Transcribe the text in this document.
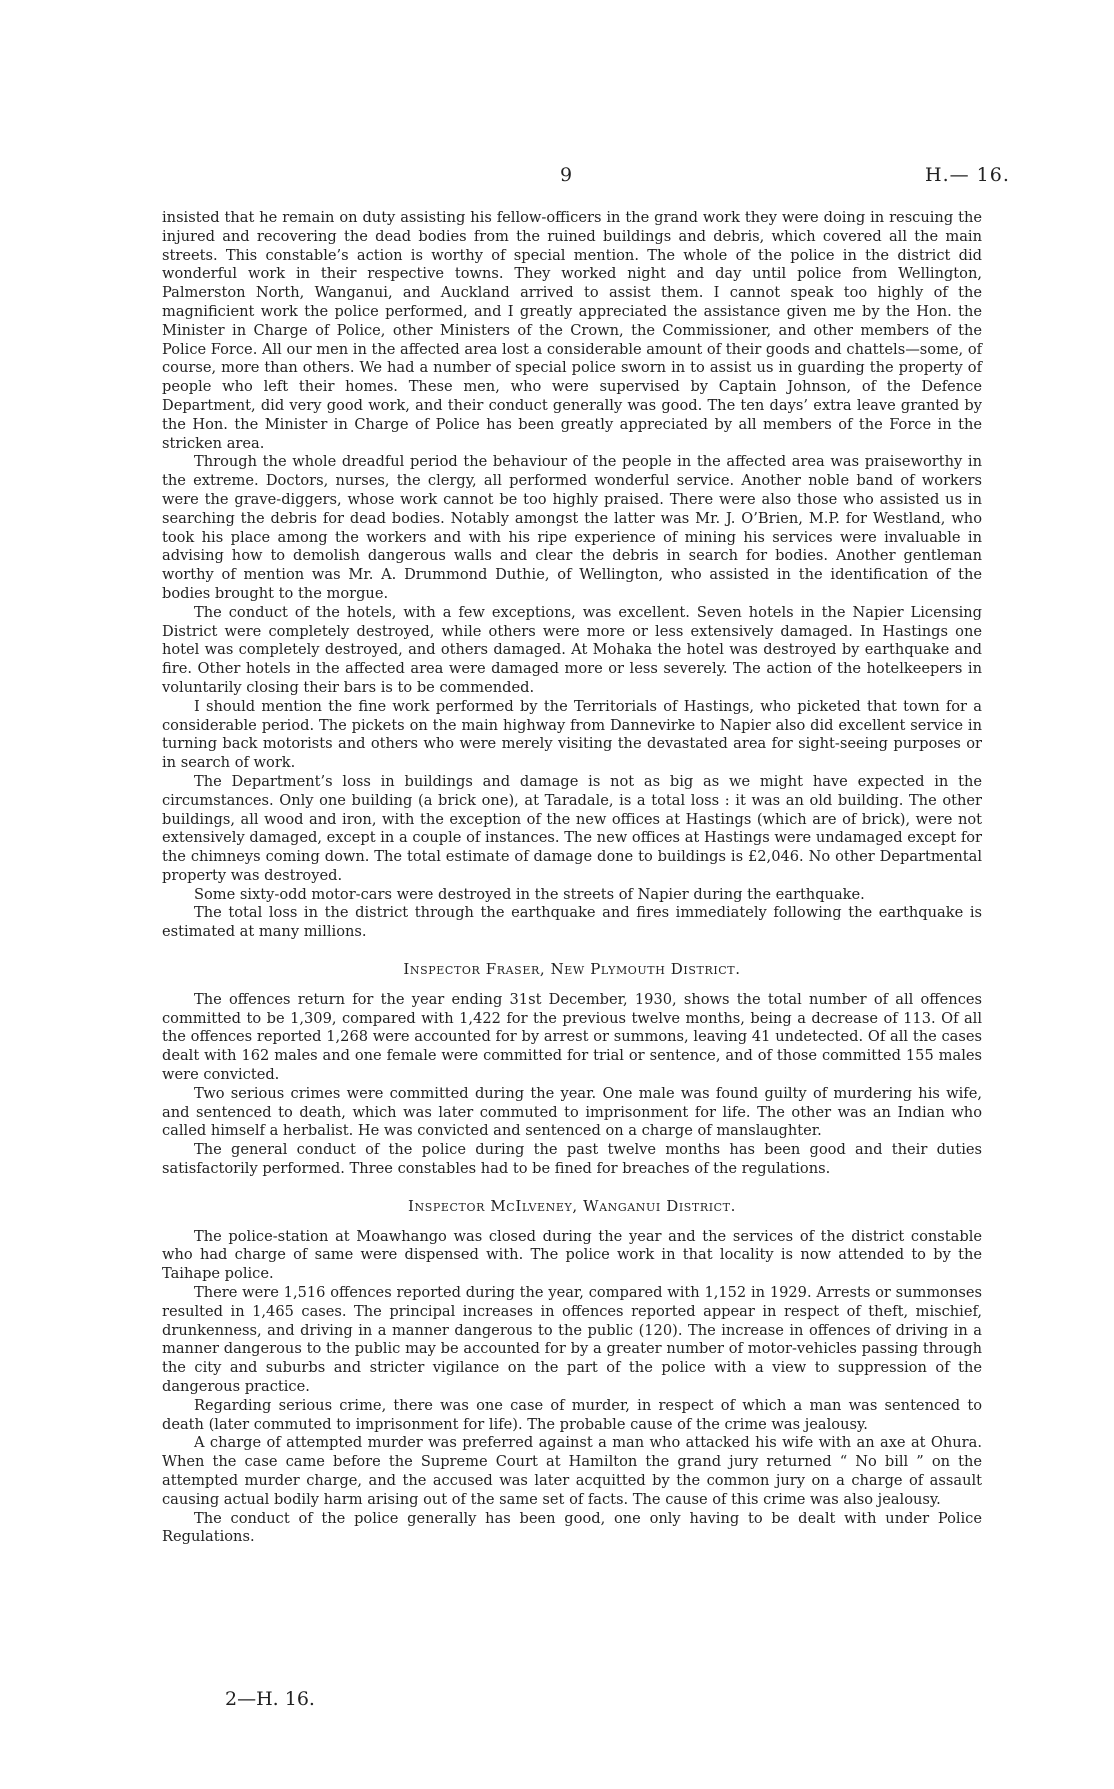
9	H.— 16.

insisted that he remain on duty assisting his fellow-officers in the grand work they were doing in rescuing the injured and recovering the dead bodies from the ruined buildings and debris, which covered all the main streets. This constable’s action is worthy of special mention. The whole of the police in the district did wonderful work in their respective towns. They worked night and day until police from Wellington, Palmerston North, Wanganui, and Auckland arrived to assist them. I cannot speak too highly of the magnificient work the police performed, and I greatly appreciated the assistance given me by the Hon. the Minister in Charge of Police, other Ministers of the Crown, the Commissioner, and other members of the Police Force. All our men in the affected area lost a considerable amount of their goods and chattels—some, of course, more than others. We had a number of special police sworn in to assist us in guarding the property of people who left their homes. These men, who were supervised by Captain Johnson, of the Defence Department, did very good work, and their conduct generally was good. The ten days’ extra leave granted by the Hon. the Minister in Charge of Police has been greatly appreciated by all members of the Force in the stricken area.

Through the whole dreadful period the behaviour of the people in the affected area was praiseworthy in the extreme. Doctors, nurses, the clergy, all performed wonderful service. Another noble band of workers were the grave-diggers, whose work cannot be too highly praised. There were also those who assisted us in searching the debris for dead bodies. Notably amongst the latter was Mr. J. O’Brien, M.P. for Westland, who took his place among the workers and with his ripe experience of mining his services were invaluable in advising how to demolish dangerous walls and clear the debris in search for bodies. Another gentleman worthy of mention was Mr. A. Drummond Duthie, of Wellington, who assisted in the identification of the bodies brought to the morgue.

The conduct of the hotels, with a few exceptions, was excellent. Seven hotels in the Napier Licensing District were completely destroyed, while others were more or less extensively damaged. In Hastings one hotel was completely destroyed, and others damaged. At Mohaka the hotel was destroyed by earthquake and fire. Other hotels in the affected area were damaged more or less severely. The action of the hotelkeepers in voluntarily closing their bars is to be commended.

I should mention the fine work performed by the Territorials of Hastings, who picketed that town for a considerable period. The pickets on the main highway from Dannevirke to Napier also did excellent service in turning back motorists and others who were merely visiting the devastated area for sight-seeing purposes or in search of work.

The Department’s loss in buildings and damage is not as big as we might have expected in the circumstances. Only one building (a brick one), at Taradale, is a total loss : it was an old building. The other buildings, all wood and iron, with the exception of the new offices at Hastings (which are of brick), were not extensively damaged, except in a couple of instances. The new offices at Hastings were undamaged except for the chimneys coming down. The total estimate of damage done to buildings is £2,046. No other Departmental property was destroyed.

Some sixty-odd motor-cars were destroyed in the streets of Napier during the earthquake.

The total loss in the district through the earthquake and fires immediately following the earthquake is estimated at many millions.

Inspector Fraser, New Plymouth District.

The offences return for the year ending 31st December, 1930, shows the total number of all offences committed to be 1,309, compared with 1,422 for the previous twelve months, being a decrease of 113. Of all the offences reported 1,268 were accounted for by arrest or summons, leaving 41 undetected. Of all the cases dealt with 162 males and one female were committed for trial or sentence, and of those committed 155 males were convicted.

Two serious crimes were committed during the year. One male was found guilty of murdering his wife, and sentenced to death, which was later commuted to imprisonment for life. The other was an Indian who called himself a herbalist. He was convicted and sentenced on a charge of manslaughter.

The general conduct of the police during the past twelve months has been good and their duties satisfactorily performed. Three constables had to be fined for breaches of the regulations.

Inspector McIlveney, Wanganui District.

The police-station at Moawhango was closed during the year and the services of the district constable who had charge of same were dispensed with. The police work in that locality is now attended to by the Taihape police.

There were 1,516 offences reported during the year, compared with 1,152 in 1929. Arrests or summonses resulted in 1,465 cases. The principal increases in offences reported appear in respect of theft, mischief, drunkenness, and driving in a manner dangerous to the public (120). The increase in offences of driving in a manner dangerous to the public may be accounted for by a greater number of motor-vehicles passing through the city and suburbs and stricter vigilance on the part of the police with a view to suppression of the dangerous practice.

Regarding serious crime, there was one case of murder, in respect of which a man was sentenced to death (later commuted to imprisonment for life). The probable cause of the crime was jealousy.

A charge of attempted murder was preferred against a man who attacked his wife with an axe at Ohura. When the case came before the Supreme Court at Hamilton the grand jury returned “ No bill ” on the attempted murder charge, and the accused was later acquitted by the common jury on a charge of assault causing actual bodily harm arising out of the same set of facts. The cause of this crime was also jealousy.

The conduct of the police generally has been good, one only having to be dealt with under Police Regulations.

2—H. 16.
